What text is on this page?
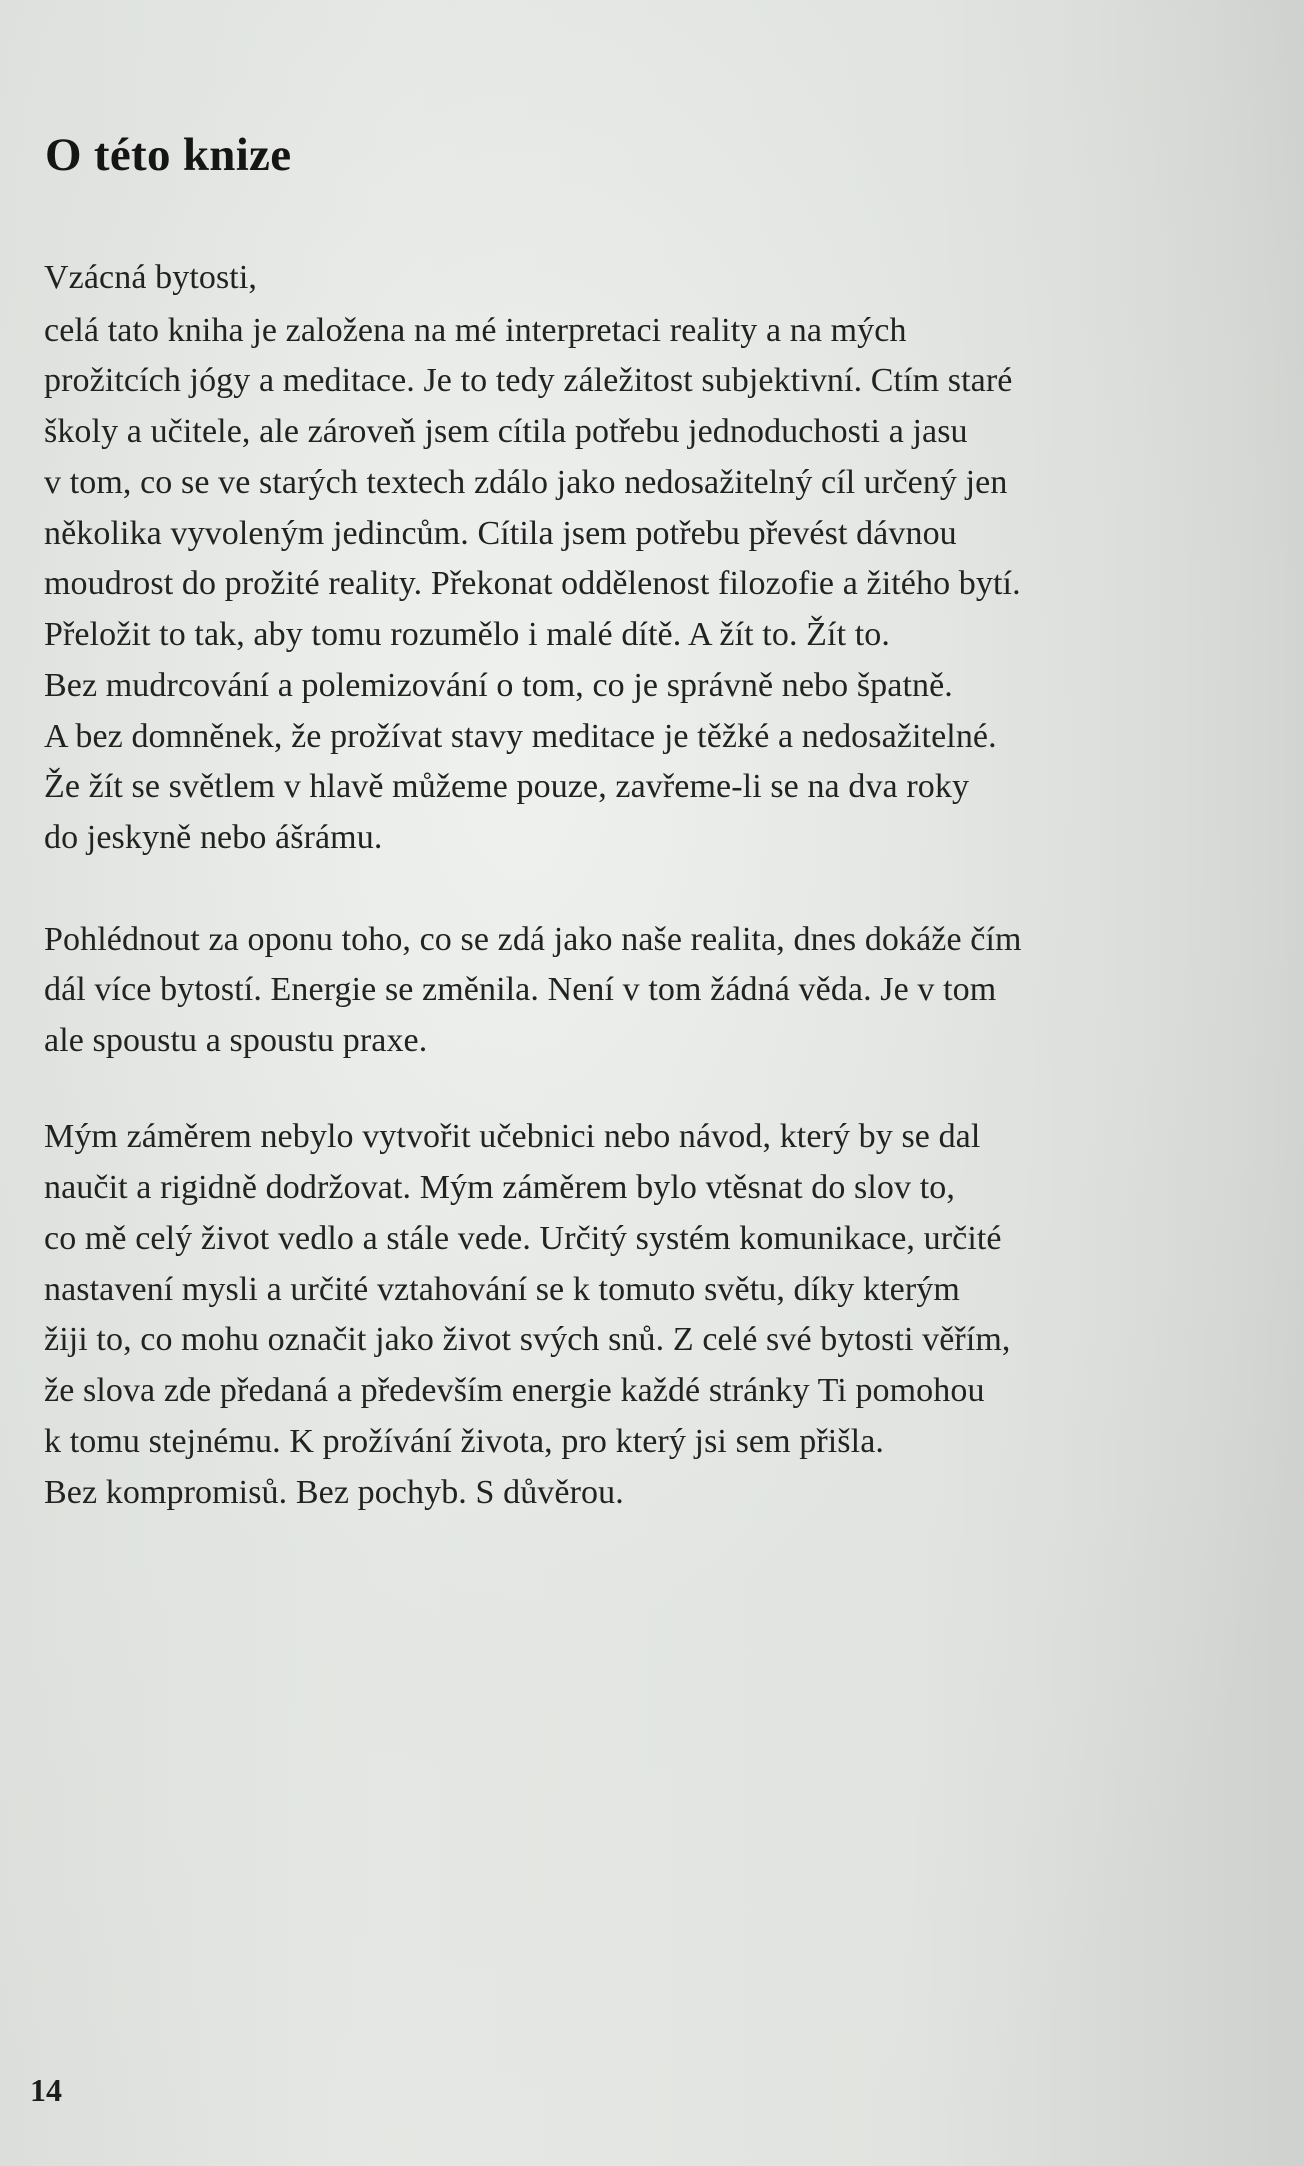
O této knize
Vzácná bytosti,
celá tato kniha je založena na mé interpretaci reality a na mých
prožitcích jógy a meditace. Je to tedy záležitost subjektivní. Ctím staré
školy a učitele, ale zároveň jsem cítila potřebu jednoduchosti a jasu
v tom, co se ve starých textech zdálo jako nedosažitelný cíl určený jen
několika vyvoleným jedincům. Cítila jsem potřebu převést dávnou
moudrost do prožité reality. Překonat oddělenost filozofie a žitého bytí.
Přeložit to tak, aby tomu rozumělo i malé dítě. A žít to. Žít to.
Bez mudrcování a polemizování o tom, co je správně nebo špatně.
A bez domněnek, že prožívat stavy meditace je těžké a nedosažitelné.
Že žít se světlem v hlavě můžeme pouze, zavřeme-li se na dva roky
do jeskyně nebo ášrámu.
Pohlédnout za oponu toho, co se zdá jako naše realita, dnes dokáže čím
dál více bytostí. Energie se změnila. Není v tom žádná věda. Je v tom
ale spoustu a spoustu praxe.
Mým záměrem nebylo vytvořit učebnici nebo návod, který by se dal
naučit a rigidně dodržovat. Mým záměrem bylo vtěsnat do slov to,
co mě celý život vedlo a stále vede. Určitý systém komunikace, určité
nastavení mysli a určité vztahování se k tomuto světu, díky kterým
žiji to, co mohu označit jako život svých snů. Z celé své bytosti věřím,
že slova zde předaná a především energie každé stránky Ti pomohou
k tomu stejnému. K prožívání života, pro který jsi sem přišla.
Bez kompromisů. Bez pochyb. S důvěrou.
14
